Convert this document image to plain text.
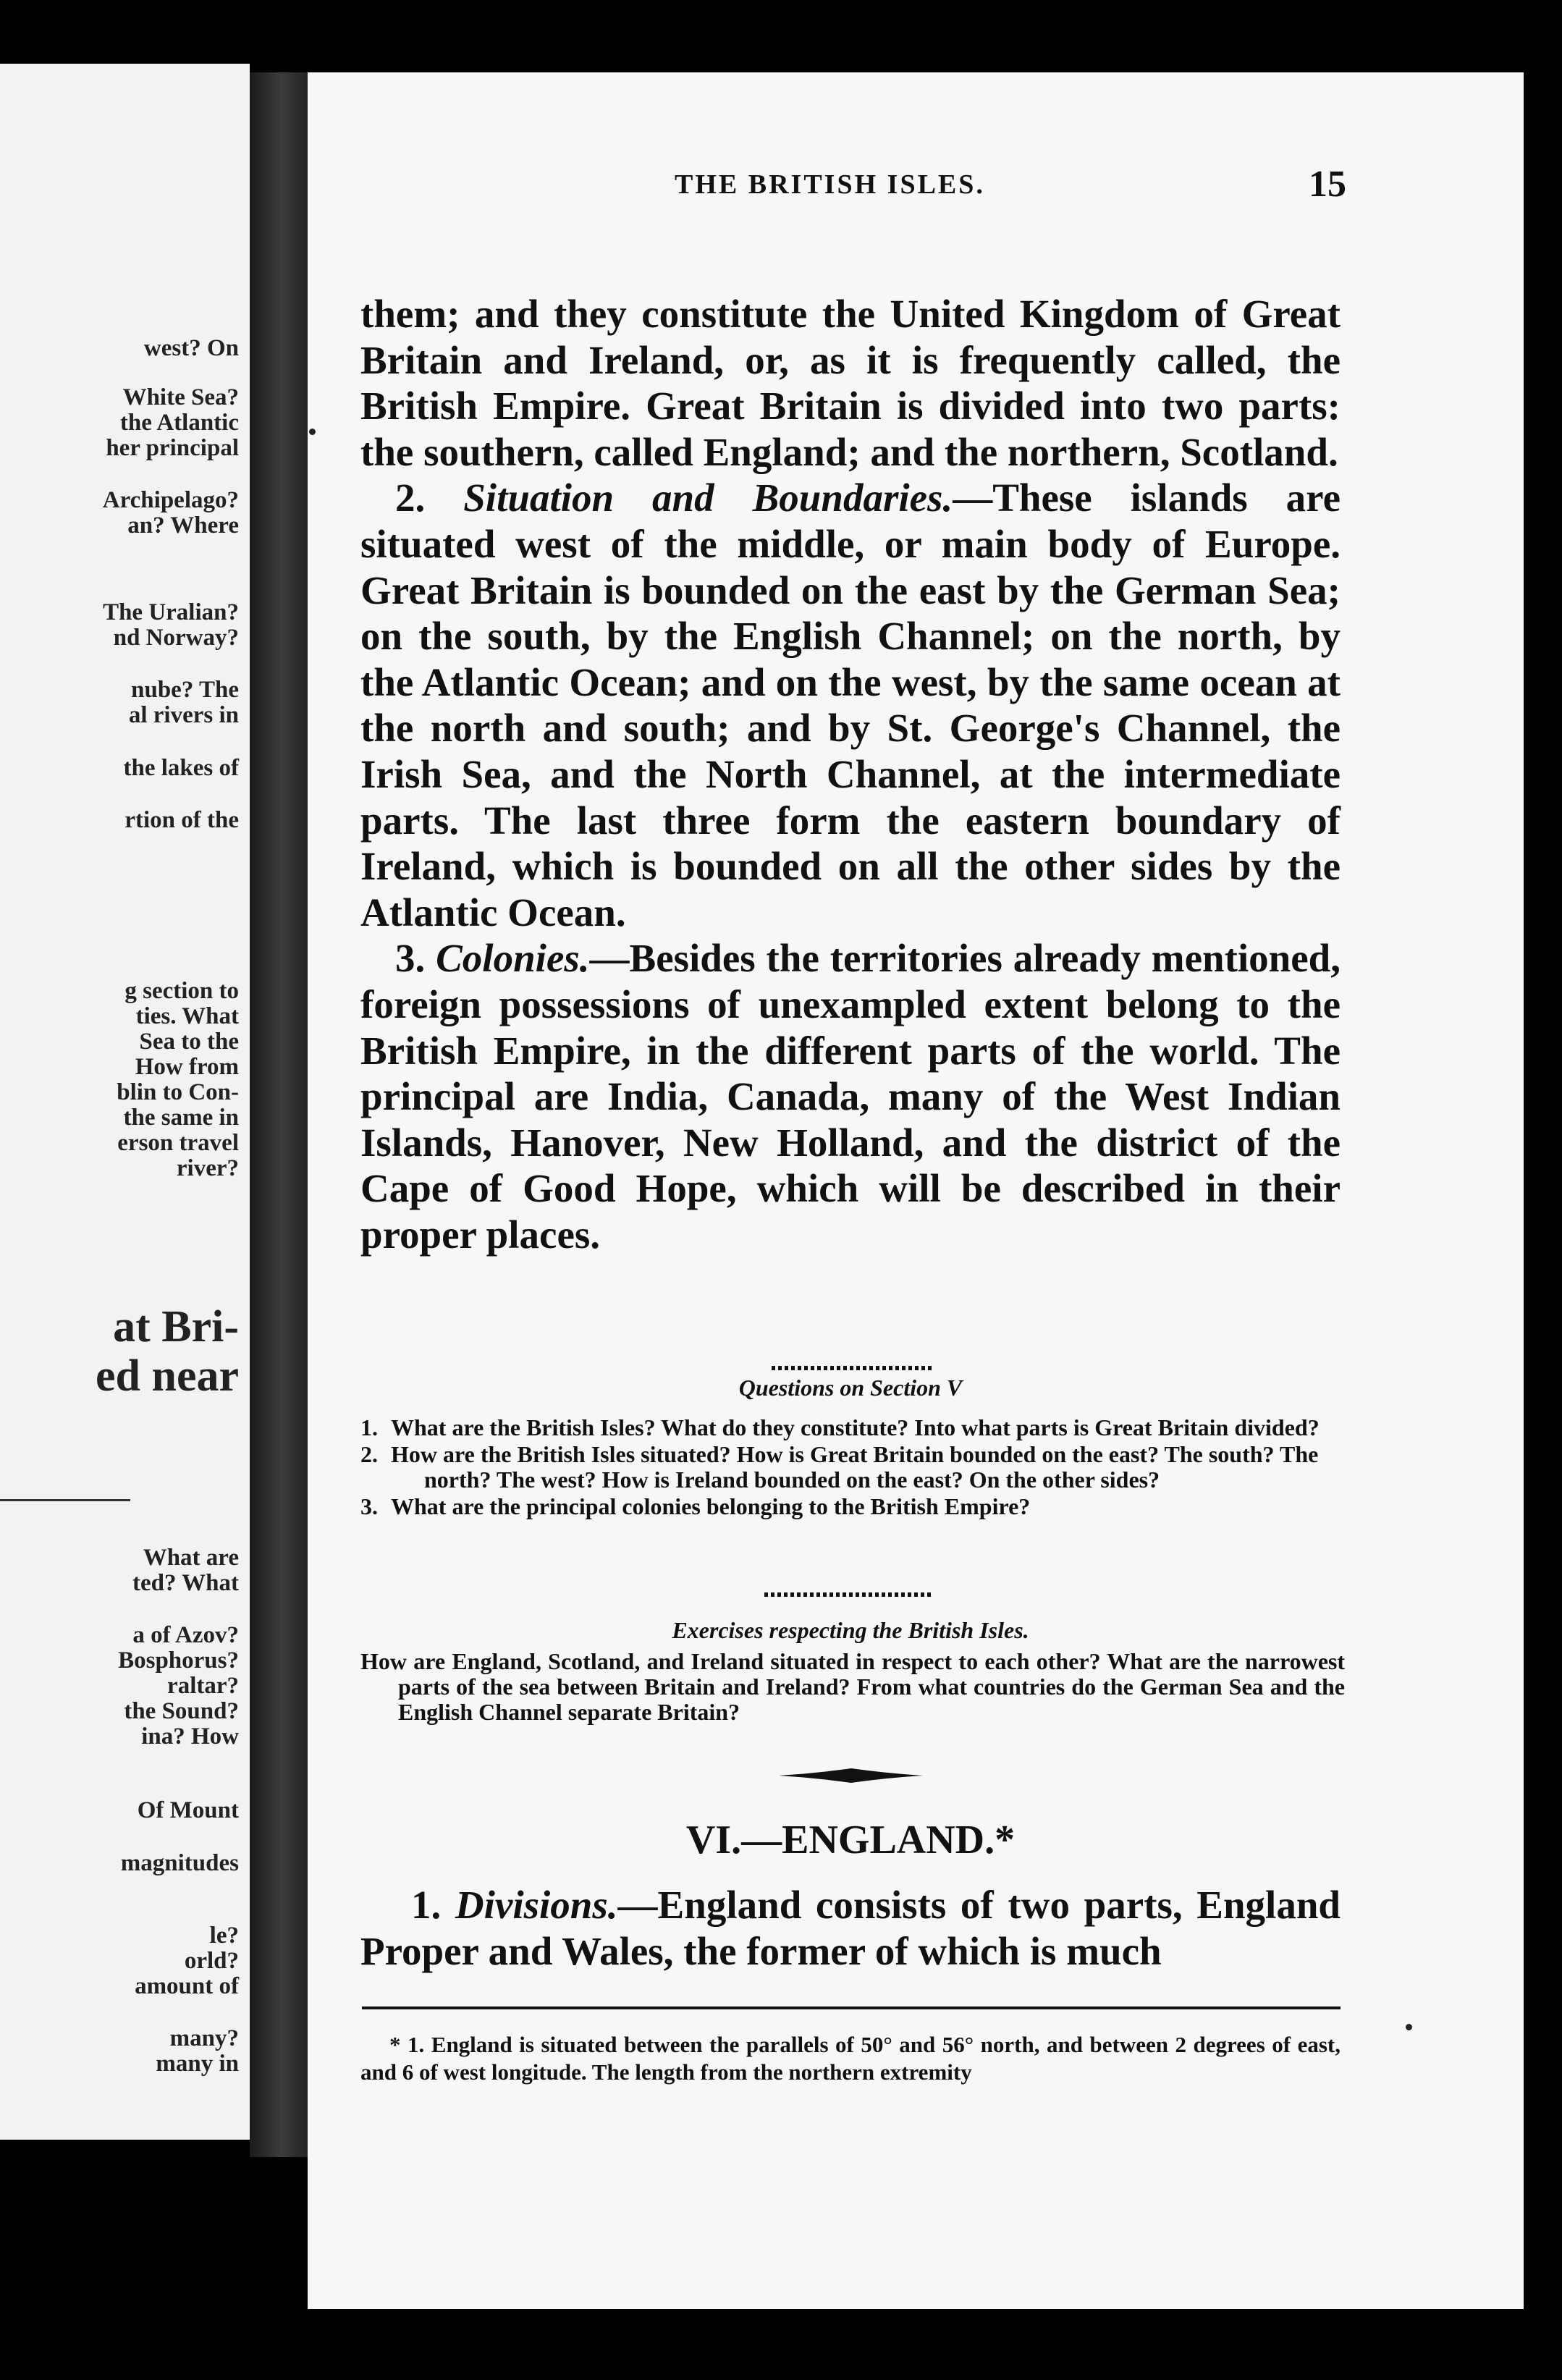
west? On
White Sea?
the Atlantic
her principal
Archipelago?
an? Where
The Uralian?
nd Norway?
nube? The
al rivers in
the lakes of
rtion of the
g section to
ties. What
Sea to the
How from
blin to Con-
the same in
erson travel
river?
at Bri-
ed near
What are
ted? What
a of Azov?
Bosphorus?
raltar?
the Sound?
ina? How
Of Mount
magnitudes
le?
orld?
amount of
many?
many in
THE BRITISH ISLES.	15

them; and they constitute the United Kingdom of Great Britain and Ireland, or, as it is frequently called, the British Empire. Great Britain is divided into two parts: the southern, called England; and the northern, Scotland.

2. Situation and Boundaries.—These islands are situated west of the middle, or main body of Europe. Great Britain is bounded on the east by the German Sea; on the south, by the English Channel; on the north, by the Atlantic Ocean; and on the west, by the same ocean at the north and south; and by St. George's Channel, the Irish Sea, and the North Channel, at the intermediate parts. The last three form the eastern boundary of Ireland, which is bounded on all the other sides by the Atlantic Ocean.

3. Colonies.—Besides the territories already mentioned, foreign possessions of unexampled extent belong to the British Empire, in the different parts of the world. The principal are India, Canada, many of the West Indian Islands, Hanover, New Holland, and the district of the Cape of Good Hope, which will be described in their proper places.

Questions on Section V
1. What are the British Isles? What do they constitute? Into what parts is Great Britain divided?
2. How are the British Isles situated? How is Great Britain bounded on the east? The south? The north? The west? How is Ireland bounded on the east? On the other sides?
3. What are the principal colonies belonging to the British Empire?
Exercises respecting the British Isles.
How are England, Scotland, and Ireland situated in respect to each other? What are the narrowest parts of the sea between Britain and Ireland? From what countries do the German Sea and the English Channel separate Britain?
VI.—ENGLAND.*
1. Divisions.—England consists of two parts, England Proper and Wales, the former of which is much
* 1. England is situated between the parallels of 50° and 56° north, and between 2 degrees of east, and 6 of west longitude. The length from the northern extremity
